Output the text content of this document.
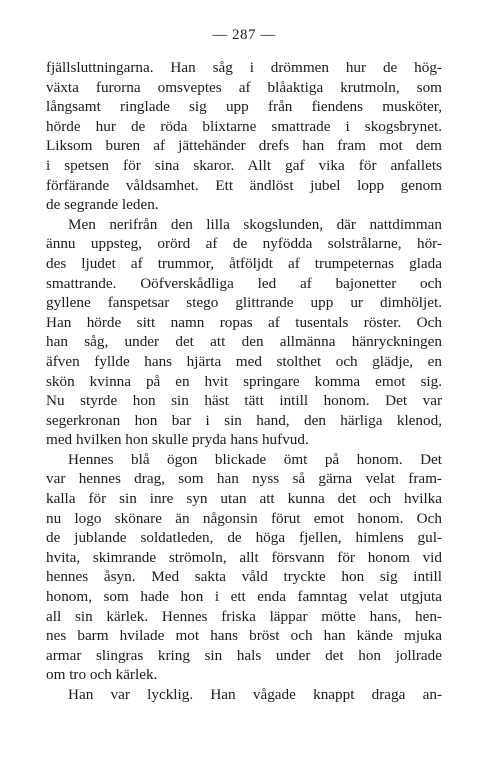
— 287 —
fjällsluttningarna. Han såg i drömmen hur de hög-
växta furorna omsveptes af blåaktiga krutmoln, som
långsamt ringlade sig upp från fiendens musköter,
hörde hur de röda blixtarne smattrade i skogsbrynet.
Liksom buren af jättehänder drefs han fram mot dem
i spetsen för sina skaror. Allt gaf vika för anfallets
förfärande våldsamhet. Ett ändlöst jubel lopp genom
de segrande leden.
Men nerifrån den lilla skogslunden, där nattdimman
ännu uppsteg, orörd af de nyfödda solstrålarne, hör-
des ljudet af trummor, åtföljdt af trumpeternas glada
smattrande. Oöfverskådliga led af bajonetter och
gyllene fanspetsar stego glittrande upp ur dimhöljet.
Han hörde sitt namn ropas af tusentals röster. Och
han såg, under det att den allmänna hänryckningen
äfven fyllde hans hjärta med stolthet och glädje, en
skön kvinna på en hvit springare komma emot sig.
Nu styrde hon sin häst tätt intill honom. Det var
segerkronan hon bar i sin hand, den härliga klenod,
med hvilken hon skulle pryda hans hufvud.
Hennes blå ögon blickade ömt på honom. Det
var hennes drag, som han nyss så gärna velat fram-
kalla för sin inre syn utan att kunna det och hvilka
nu logo skönare än någonsin förut emot honom. Och
de jublande soldatleden, de höga fjellen, himlens gul-
hvita, skimrande strömoln, allt försvann för honom vid
hennes åsyn. Med sakta våld tryckte hon sig intill
honom, som hade hon i ett enda famntag velat utgjuta
all sin kärlek. Hennes friska läppar mötte hans, hen-
nes barm hvilade mot hans bröst och han kände mjuka
armar slingras kring sin hals under det hon jollrade
om tro och kärlek.
Han var lycklig. Han vågade knappt draga an-
